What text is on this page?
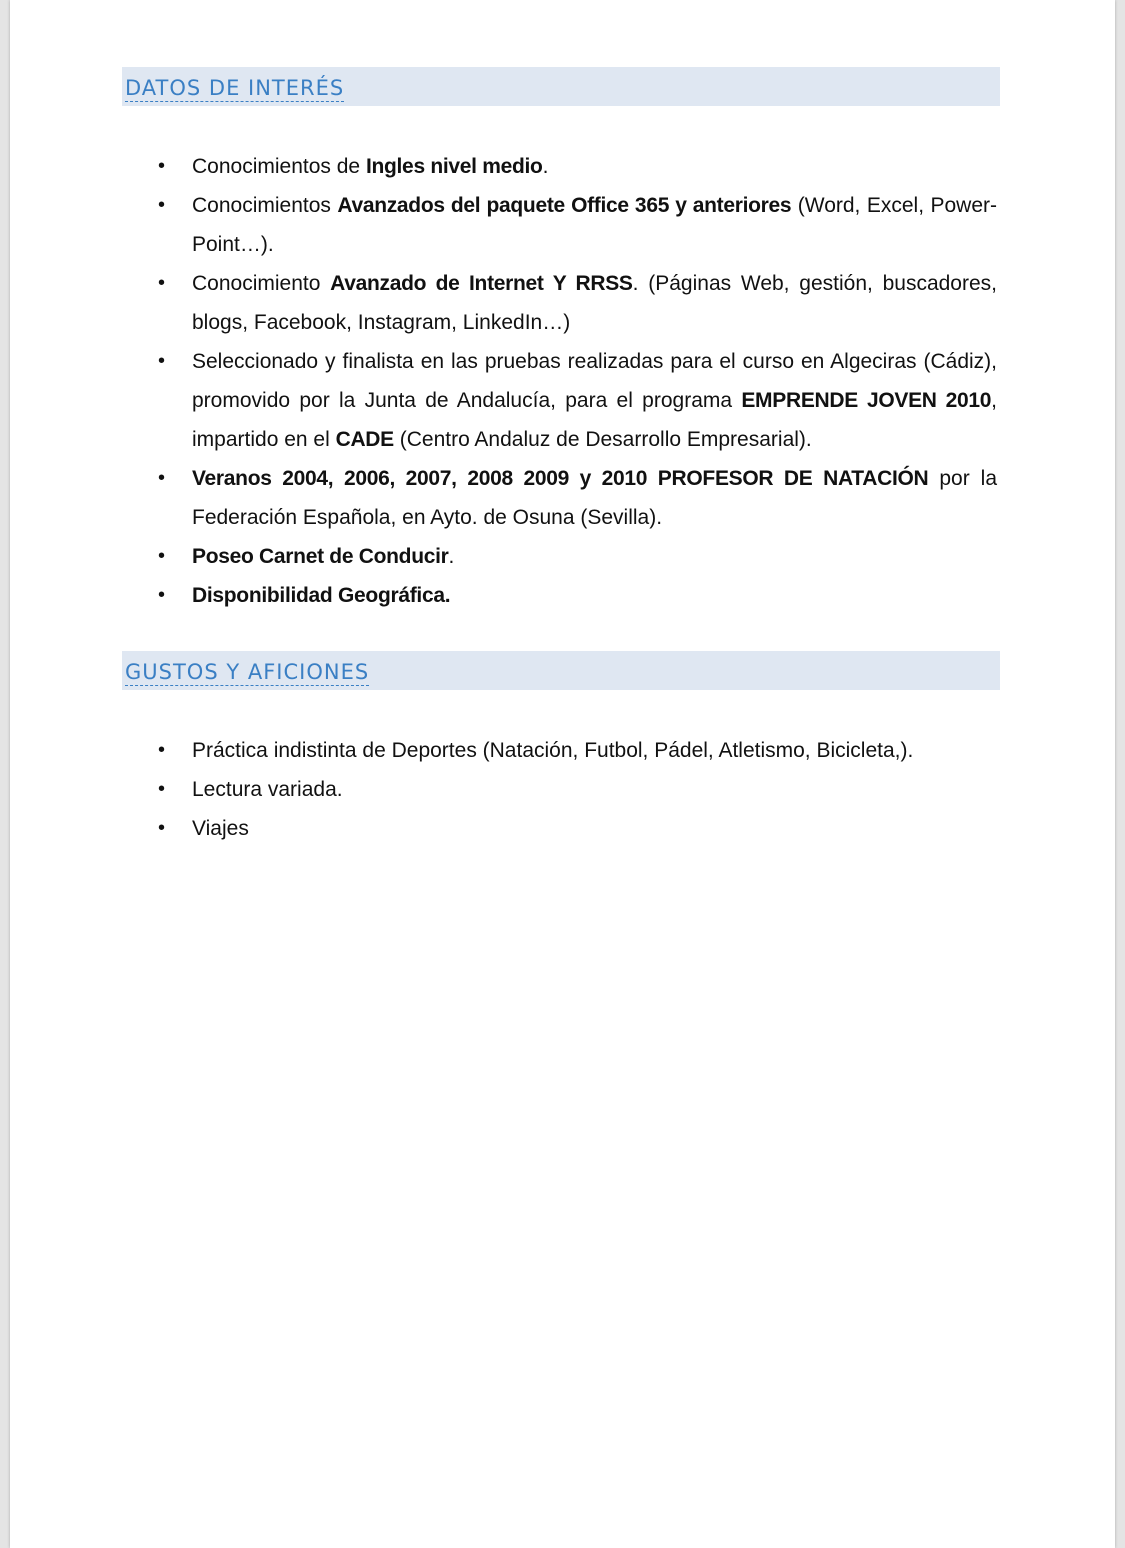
DATOS DE INTERÉS
• Conocimientos de Ingles nivel medio.
• Conocimientos Avanzados del paquete Office 365 y anteriores (Word, Excel, Power-Point…).
• Conocimiento Avanzado de Internet Y RRSS. (Páginas Web, gestión, buscadores, blogs, Facebook, Instagram, LinkedIn…)
• Seleccionado y finalista en las pruebas realizadas para el curso en Algeciras (Cádiz), promovido por la Junta de Andalucía, para el programa EMPRENDE JOVEN 2010, impartido en el CADE (Centro Andaluz de Desarrollo Empresarial).
• Veranos 2004, 2006, 2007, 2008 2009 y 2010 PROFESOR DE NATACIÓN por la Federación Española, en Ayto. de Osuna (Sevilla).
• Poseo Carnet de Conducir.
• Disponibilidad Geográfica.
GUSTOS Y AFICIONES
• Práctica indistinta de Deportes (Natación, Futbol, Pádel, Atletismo, Bicicleta,).
• Lectura variada.
• Viajes
